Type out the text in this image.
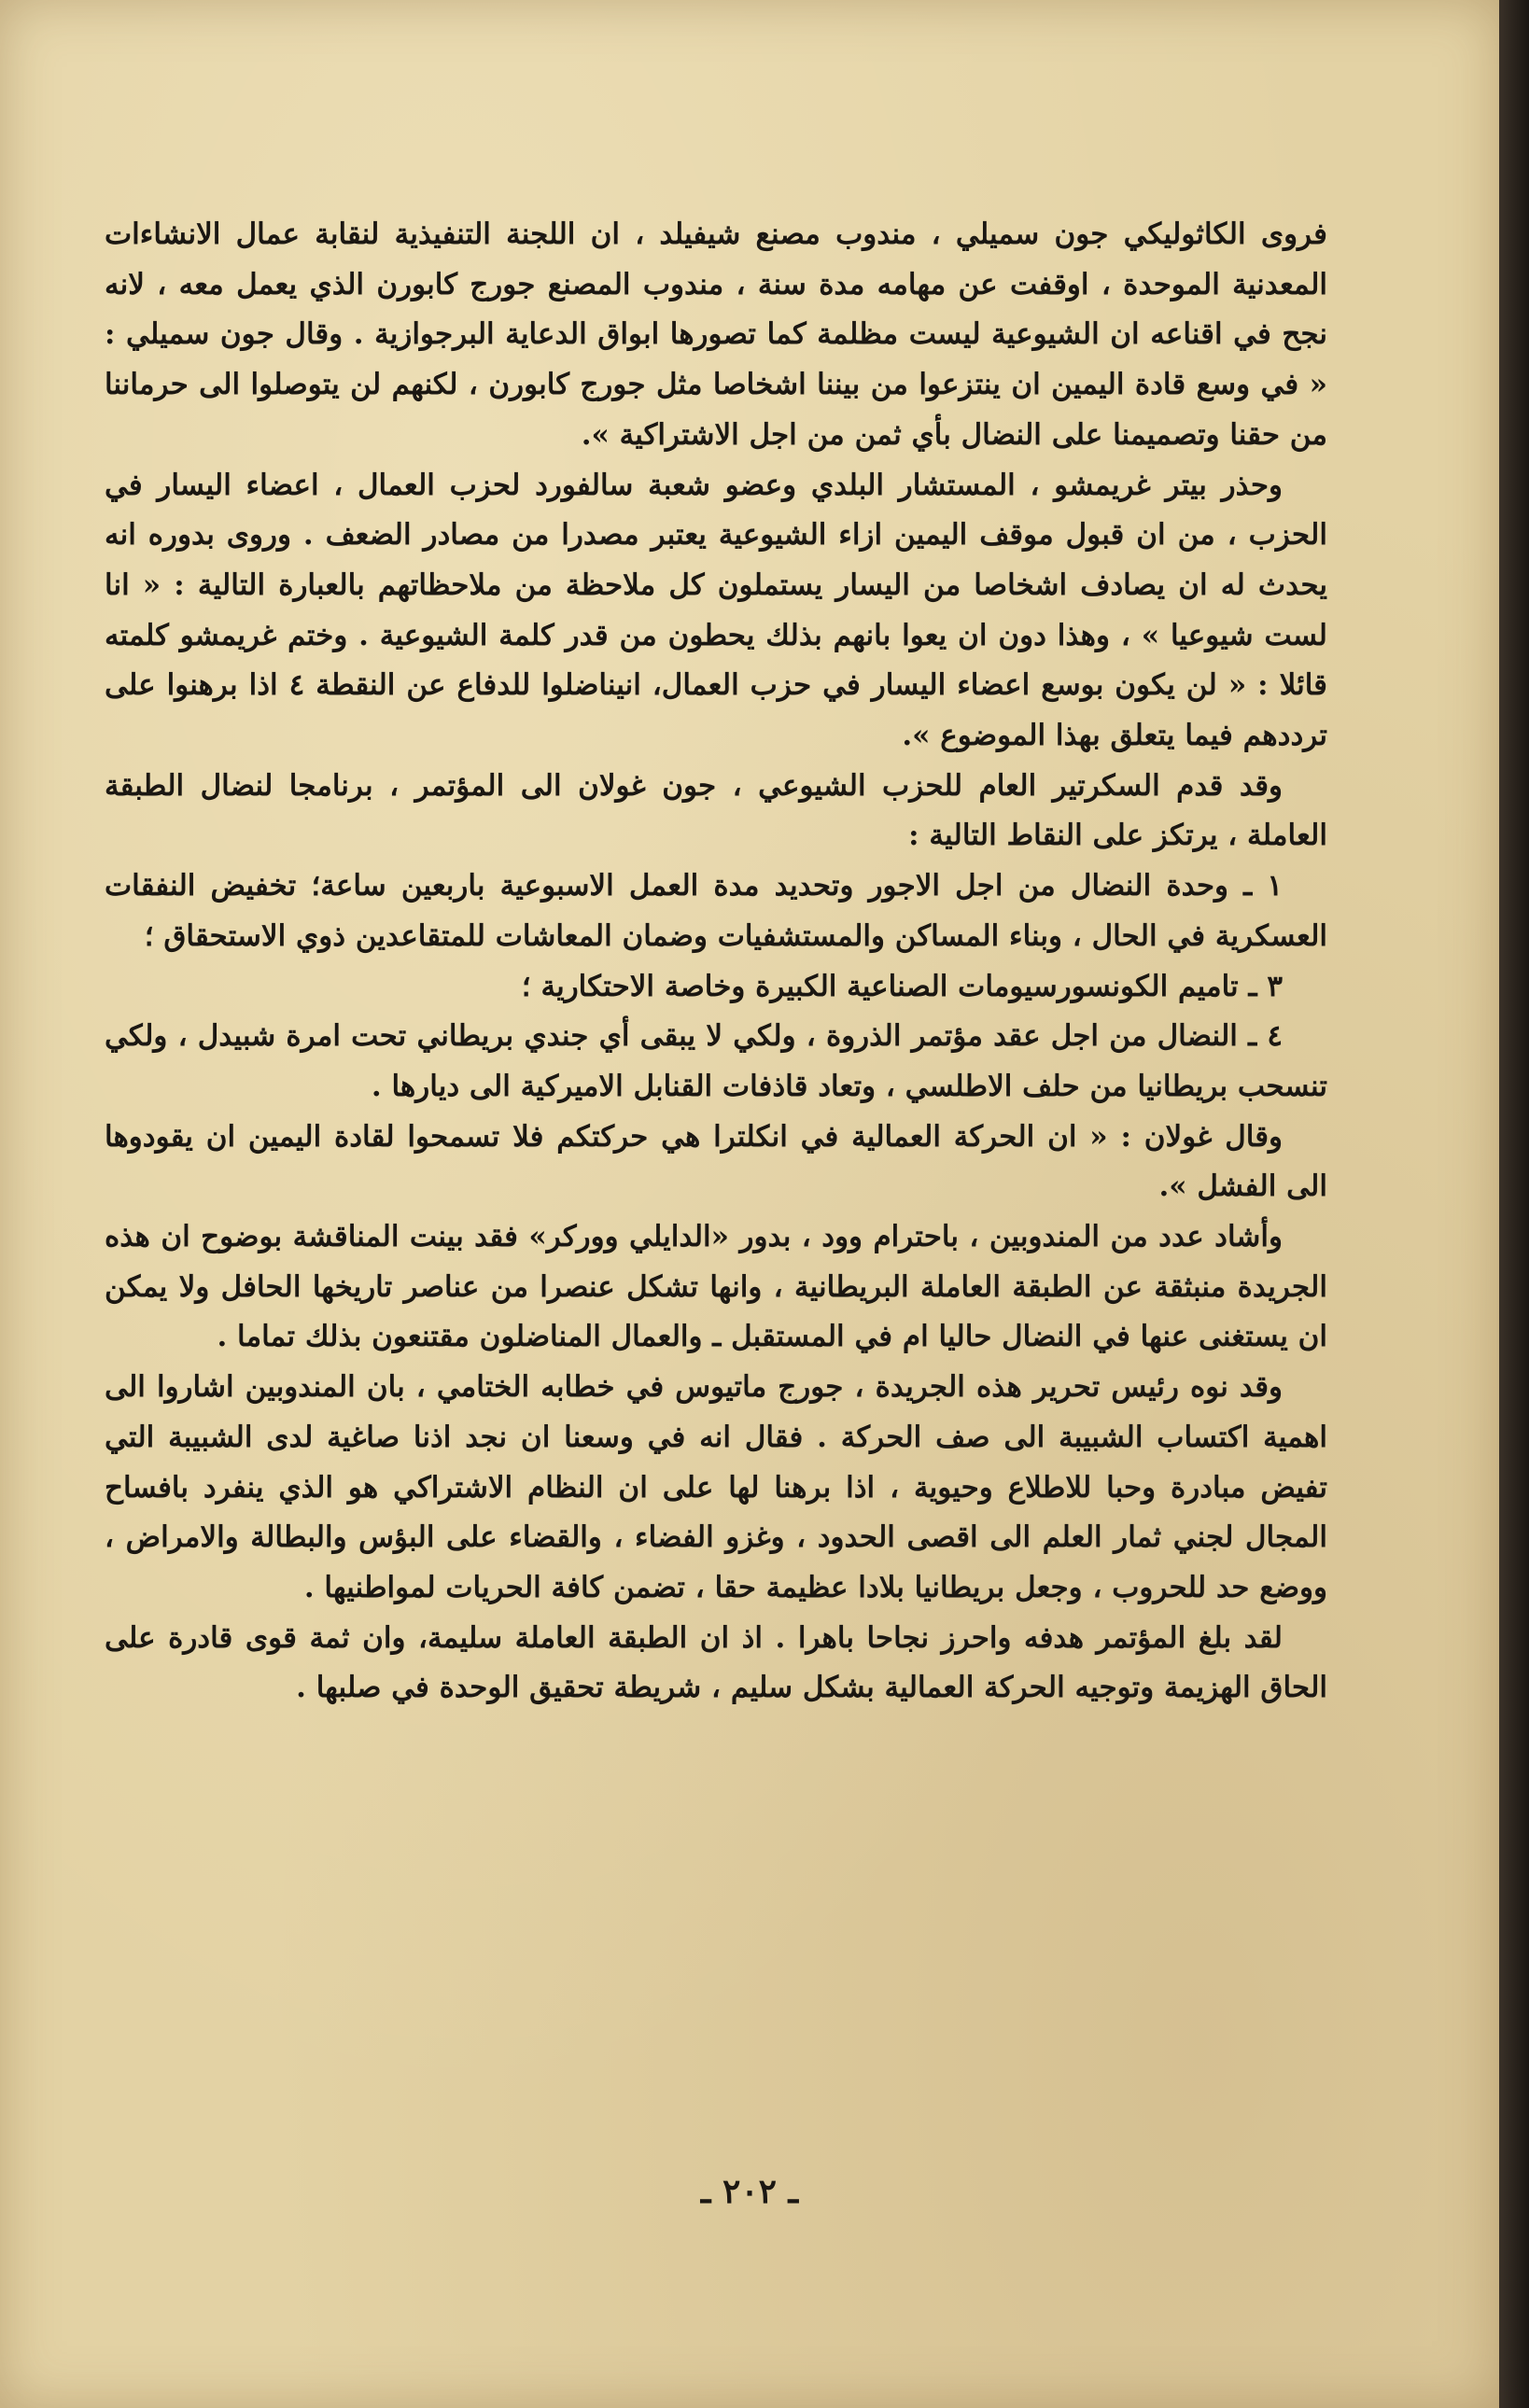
فروى الكاثوليكي جون سميلي ، مندوب مصنع شيفيلد ، ان اللجنة التنفيذية لنقابة عمال الانشاءات المعدنية الموحدة ، اوقفت عن مهامه مدة سنة ، مندوب المصنع جورج كابورن الذي يعمل معه ، لانه نجح في اقناعه ان الشيوعية ليست مظلمة كما تصورها ابواق الدعاية البرجوازية . وقال جون سميلي : « في وسع قادة اليمين ان ينتزعوا من بيننا اشخاصا مثل جورج كابورن ، لكنهم لن يتوصلوا الى حرماننا من حقنا وتصميمنا على النضال بأي ثمن من اجل الاشتراكية ».

وحذر بيتر غريمشو ، المستشار البلدي وعضو شعبة سالفورد لحزب العمال ، اعضاء اليسار في الحزب ، من ان قبول موقف اليمين ازاء الشيوعية يعتبر مصدرا من مصادر الضعف . وروى بدوره انه يحدث له ان يصادف اشخاصا من اليسار يستملون كل ملاحظة من ملاحظاتهم بالعبارة التالية : « انا لست شيوعيا » ، وهذا دون ان يعوا بانهم بذلك يحطون من قدر كلمة الشيوعية . وختم غريمشو كلمته قائلا : « لن يكون بوسع اعضاء اليسار في حزب العمال، انيناضلوا للدفاع عن النقطة ٤ اذا برهنوا على ترددهم فيما يتعلق بهذا الموضوع ».

وقد قدم السكرتير العام للحزب الشيوعي ، جون غولان الى المؤتمر ، برنامجا لنضال الطبقة العاملة ، يرتكز على النقاط التالية :

١ ـ وحدة النضال من اجل الاجور وتحديد مدة العمل الاسبوعية باربعين ساعة؛ تخفيض النفقات العسكرية في الحال ، وبناء المساكن والمستشفيات وضمان المعاشات للمتقاعدين ذوي الاستحقاق ؛

٣ ـ تاميم الكونسورسيومات الصناعية الكبيرة وخاصة الاحتكارية ؛

٤ ـ النضال من اجل عقد مؤتمر الذروة ، ولكي لا يبقى أي جندي بريطاني تحت امرة شبيدل ، ولكي تنسحب بريطانيا من حلف الاطلسي ، وتعاد قاذفات القنابل الاميركية الى ديارها .

وقال غولان : « ان الحركة العمالية في انكلترا هي حركتكم فلا تسمحوا لقادة اليمين ان يقودوها الى الفشل ».

وأشاد عدد من المندوبين ، باحترام وود ، بدور «الدايلي ووركر» فقد بينت المناقشة بوضوح ان هذه الجريدة منبثقة عن الطبقة العاملة البريطانية ، وانها تشكل عنصرا من عناصر تاريخها الحافل ولا يمكن ان يستغنى عنها في النضال حاليا ام في المستقبل ـ والعمال المناضلون مقتنعون بذلك تماما .

وقد نوه رئيس تحرير هذه الجريدة ، جورج ماتيوس في خطابه الختامي ، بان المندوبين اشاروا الى اهمية اكتساب الشبيبة الى صف الحركة . فقال انه في وسعنا ان نجد اذنا صاغية لدى الشبيبة التي تفيض مبادرة وحبا للاطلاع وحيوية ، اذا برهنا لها على ان النظام الاشتراكي هو الذي ينفرد بافساح المجال لجني ثمار العلم الى اقصى الحدود ، وغزو الفضاء ، والقضاء على البؤس والبطالة والامراض ، ووضع حد للحروب ، وجعل بريطانيا بلادا عظيمة حقا ، تضمن كافة الحريات لمواطنيها .

لقد بلغ المؤتمر هدفه واحرز نجاحا باهرا . اذ ان الطبقة العاملة سليمة، وان ثمة قوى قادرة على الحاق الهزيمة وتوجيه الحركة العمالية بشكل سليم ، شريطة تحقيق الوحدة في صلبها .

ـ ٢٠٢ ـ
